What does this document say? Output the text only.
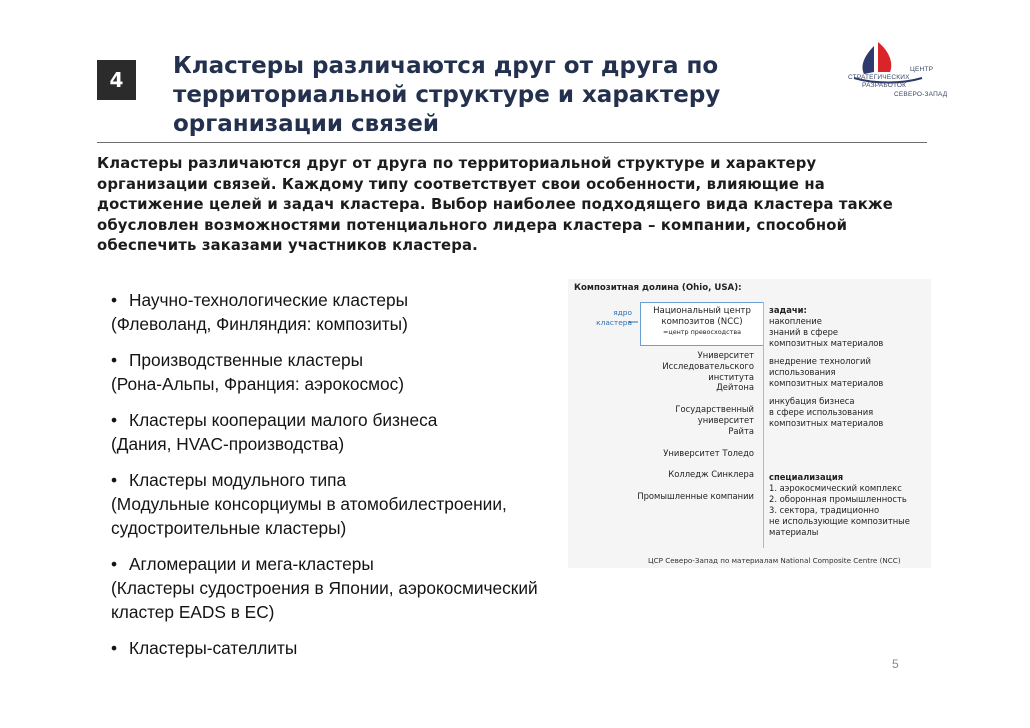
4
Кластеры различаются друг от друга по территориальной структуре и характеру организации связей
ЦЕНТР
СТРАТЕГИЧЕСКИХ
РАЗРАБОТОК
СЕВЕРО-ЗАПАД

Кластеры различаются друг от друга по территориальной структуре и характеру организации связей. Каждому типу соответствует свои особенности, влияющие на достижение целей и задач кластера. Выбор наиболее подходящего вида кластера также обусловлен возможностями потенциального лидера кластера – компании, способной обеспечить заказами участников кластера.

• Научно-технологические кластеры
(Флеволанд, Финляндия: композиты)
• Производственные кластеры
(Рона-Альпы, Франция: аэрокосмос)
• Кластеры кооперации малого бизнеса
(Дания, HVAC-производства)
• Кластеры модульного типа
(Модульные консорциумы в атомобилестроении,
судостроительные кластеры)
• Агломерации и мега-кластеры
(Кластеры судостроения в Японии, аэрокосмический
кластер EADS в ЕС)
• Кластеры-сателлиты
Композитная долина (Ohio, USA):
ядро
кластера
Национальный центр
композитов (NCC)
=центр превосходства
Университет
Исследовательского
института
Дейтона
Государственный
университет
Райта
Университет Толедо
Колледж Синклера
Промышленные компании
задачи:
накопление
знаний в сфере
композитных материалов
внедрение технологий
использования
композитных материалов
инкубация бизнеса
в сфере использования
композитных материалов
специализация
1. аэрокосмический комплекс
2. оборонная промышленность
3. сектора, традиционно
не использующие композитные
материалы
ЦСР Северо-Запад по материалам National Composite Centre (NCC)
5
